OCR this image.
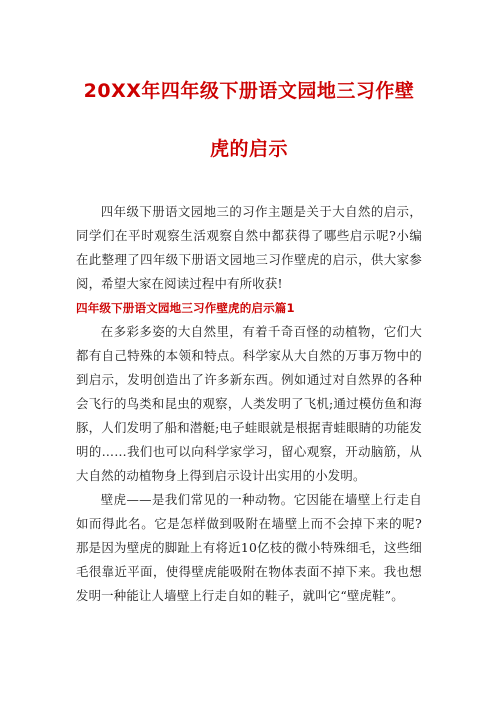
20XX年四年级下册语文园地三习作壁
虎的启示

四年级下册语文园地三的习作主题是关于大自然的启示，同学们在平时观察生活观察自然中都获得了哪些启示呢?小编在此整理了四年级下册语文园地三习作壁虎的启示，供大家参阅，希望大家在阅读过程中有所收获!

四年级下册语文园地三习作壁虎的启示篇1

在多彩多姿的大自然里，有着千奇百怪的动植物，它们大都有自己特殊的本领和特点。科学家从大自然的万事万物中的到启示，发明创造出了许多新东西。例如通过对自然界的各种会飞行的鸟类和昆虫的观察，人类发明了飞机;通过模仿鱼和海豚，人们发明了船和潜艇;电子蛙眼就是根据青蛙眼睛的功能发明的……我们也可以向科学家学习，留心观察，开动脑筋，从大自然的动植物身上得到启示设计出实用的小发明。

壁虎——是我们常见的一种动物。它因能在墙壁上行走自如而得此名。它是怎样做到吸附在墙壁上而不会掉下来的呢?那是因为壁虎的脚趾上有将近10亿枝的微小特殊细毛，这些细毛很靠近平面，使得壁虎能吸附在物体表面不掉下来。我也想发明一种能让人墙壁上行走自如的鞋子，就叫它“壁虎鞋”。
